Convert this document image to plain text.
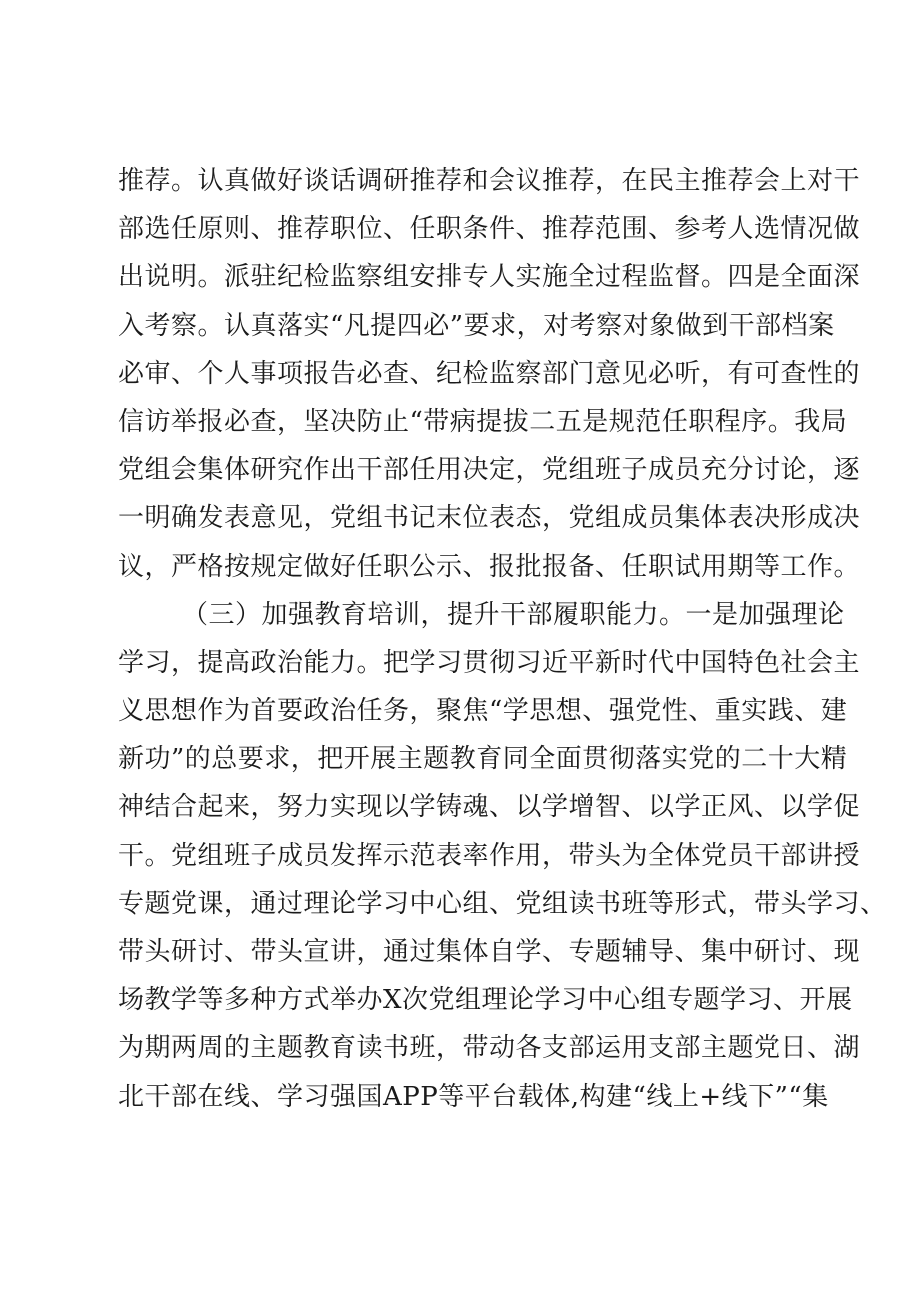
推荐。认真做好谈话调研推荐和会议推荐，在民主推荐会上对干
部选任原则、推荐职位、任职条件、推荐范围、参考人选情况做
出说明。派驻纪检监察组安排专人实施全过程监督。四是全面深
入考察。认真落实“凡提四必”要求，对考察对象做到干部档案
必审、个人事项报告必查、纪检监察部门意见必听，有可查性的
信访举报必查，坚决防止“带病提拔二五是规范任职程序。我局
党组会集体研究作出干部任用决定，党组班子成员充分讨论，逐
一明确发表意见，党组书记末位表态，党组成员集体表决形成决
议，严格按规定做好任职公示、报批报备、任职试用期等工作。
（三）加强教育培训，提升干部履职能力。一是加强理论
学习，提高政治能力。把学习贯彻习近平新时代中国特色社会主
义思想作为首要政治任务，聚焦“学思想、强党性、重实践、建
新功”的总要求，把开展主题教育同全面贯彻落实党的二十大精
神结合起来，努力实现以学铸魂、以学增智、以学正风、以学促
干。党组班子成员发挥示范表率作用，带头为全体党员干部讲授
专题党课，通过理论学习中心组、党组读书班等形式，带头学习、
带头研讨、带头宣讲，通过集体自学、专题辅导、集中研讨、现
场教学等多种方式举办X次党组理论学习中心组专题学习、开展
为期两周的主题教育读书班，带动各支部运用支部主题党日、湖
北干部在线、学习强国APP等平台载体,构建“线上+线下”“集
